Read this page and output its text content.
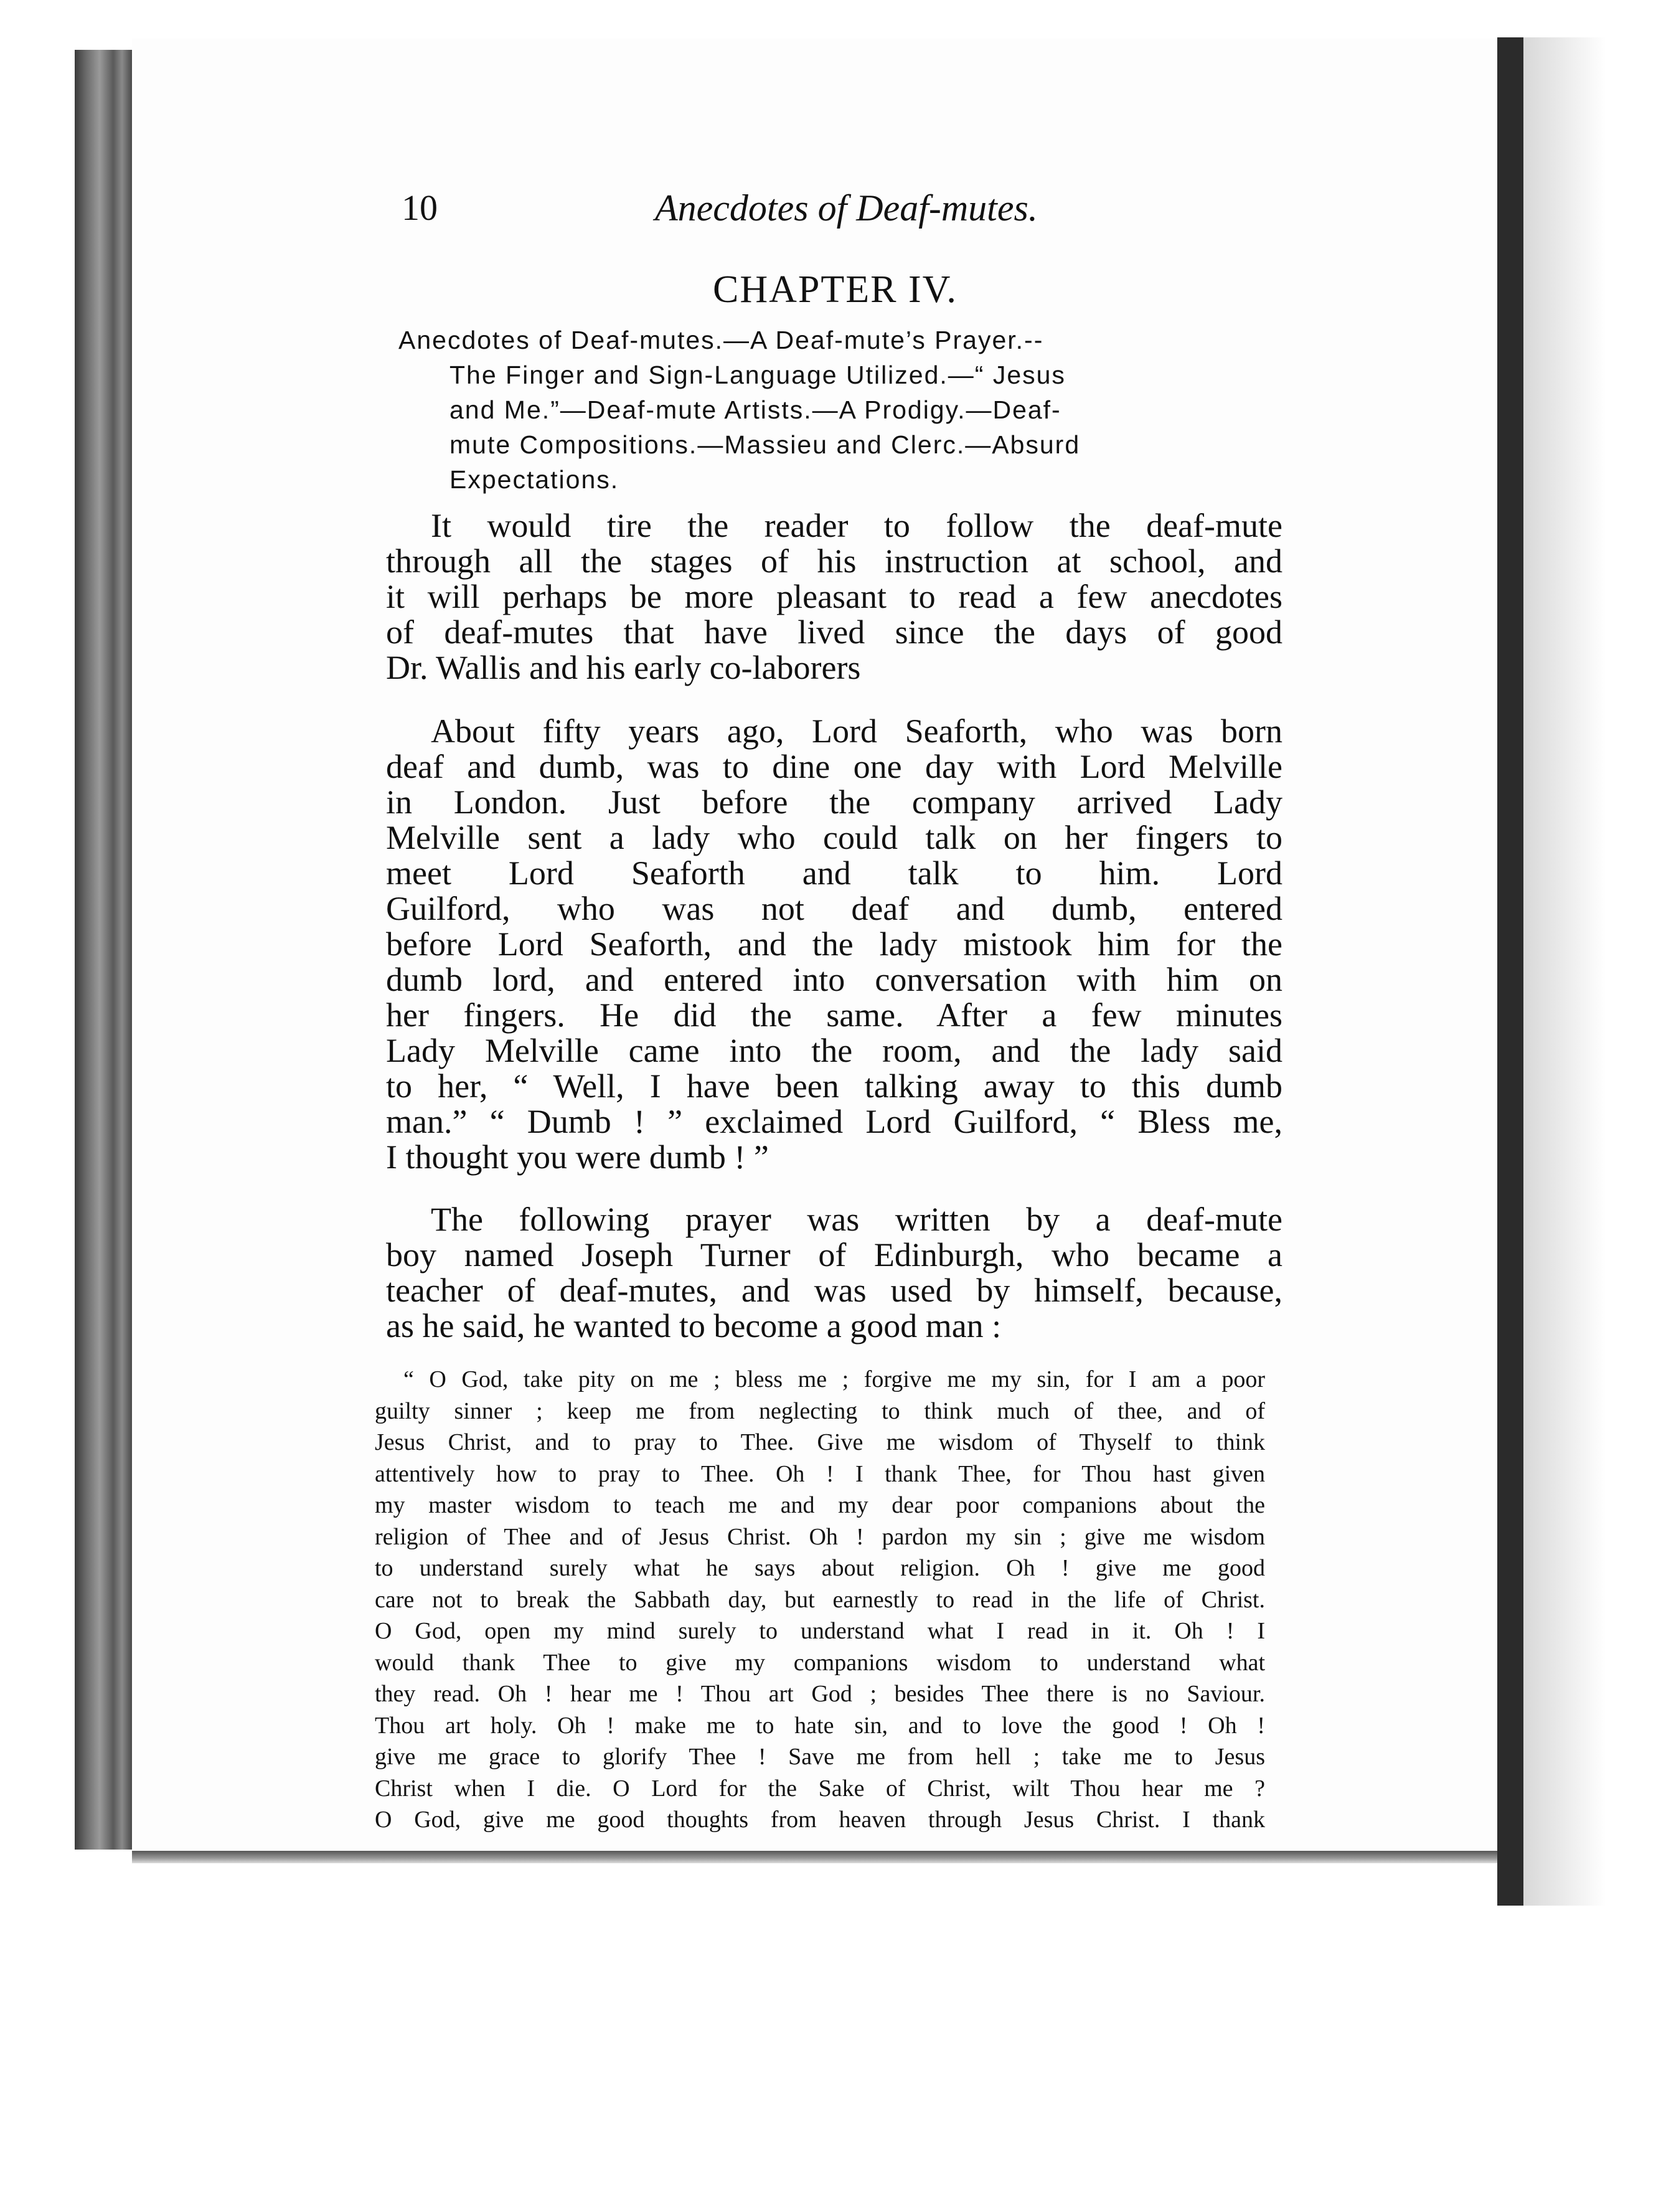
10	Anecdotes of Deaf-mutes.
CHAPTER IV.

Anecdotes of Deaf-mutes.—A Deaf-mute’s Prayer.--
The Finger and Sign-Language Utilized.—“ Jesus
and Me.”—Deaf-mute Artists.—A Prodigy.—Deaf-
mute Compositions.—Massieu and Clerc.—Absurd
Expectations.

It would tire the reader to follow the deaf-mute
through all the stages of his instruction at school, and
it will perhaps be more pleasant to read a few anecdotes
of deaf-mutes that have lived since the days of good
Dr. Wallis and his early co-laborers

About fifty years ago, Lord Seaforth, who was born
deaf and dumb, was to dine one day with Lord Melville
in London. Just before the company arrived Lady
Melville sent a lady who could talk on her fingers to
meet Lord Seaforth and talk to him. Lord
Guilford, who was not deaf and dumb, entered
before Lord Seaforth, and the lady mistook him for the
dumb lord, and entered into conversation with him on
her fingers. He did the same. After a few minutes
Lady Melville came into the room, and the lady said
to her, “ Well, I have been talking away to this dumb
man.” “ Dumb ! ” exclaimed Lord Guilford, “ Bless me,
I thought you were dumb ! ”

The following prayer was written by a deaf-mute
boy named Joseph Turner of Edinburgh, who became a
teacher of deaf-mutes, and was used by himself, because,
as he said, he wanted to become a good man :

“ O God, take pity on me ; bless me ; forgive me my sin, for I am a poor
guilty sinner ; keep me from neglecting to think much of thee, and of
Jesus Christ, and to pray to Thee. Give me wisdom of Thyself to think
attentively how to pray to Thee. Oh ! I thank Thee, for Thou hast given
my master wisdom to teach me and my dear poor companions about the
religion of Thee and of Jesus Christ. Oh ! pardon my sin ; give me wisdom
to understand surely what he says about religion. Oh ! give me good
care not to break the Sabbath day, but earnestly to read in the life of Christ.
O God, open my mind surely to understand what I read in it. Oh ! I
would thank Thee to give my companions wisdom to understand what
they read. Oh ! hear me ! Thou art God ; besides Thee there is no Saviour.
Thou art holy. Oh ! make me to hate sin, and to love the good ! Oh !
give me grace to glorify Thee ! Save me from hell ; take me to Jesus
Christ when I die. O Lord for the Sake of Christ, wilt Thou hear me ?
O God, give me good thoughts from heaven through Jesus Christ. I thank
